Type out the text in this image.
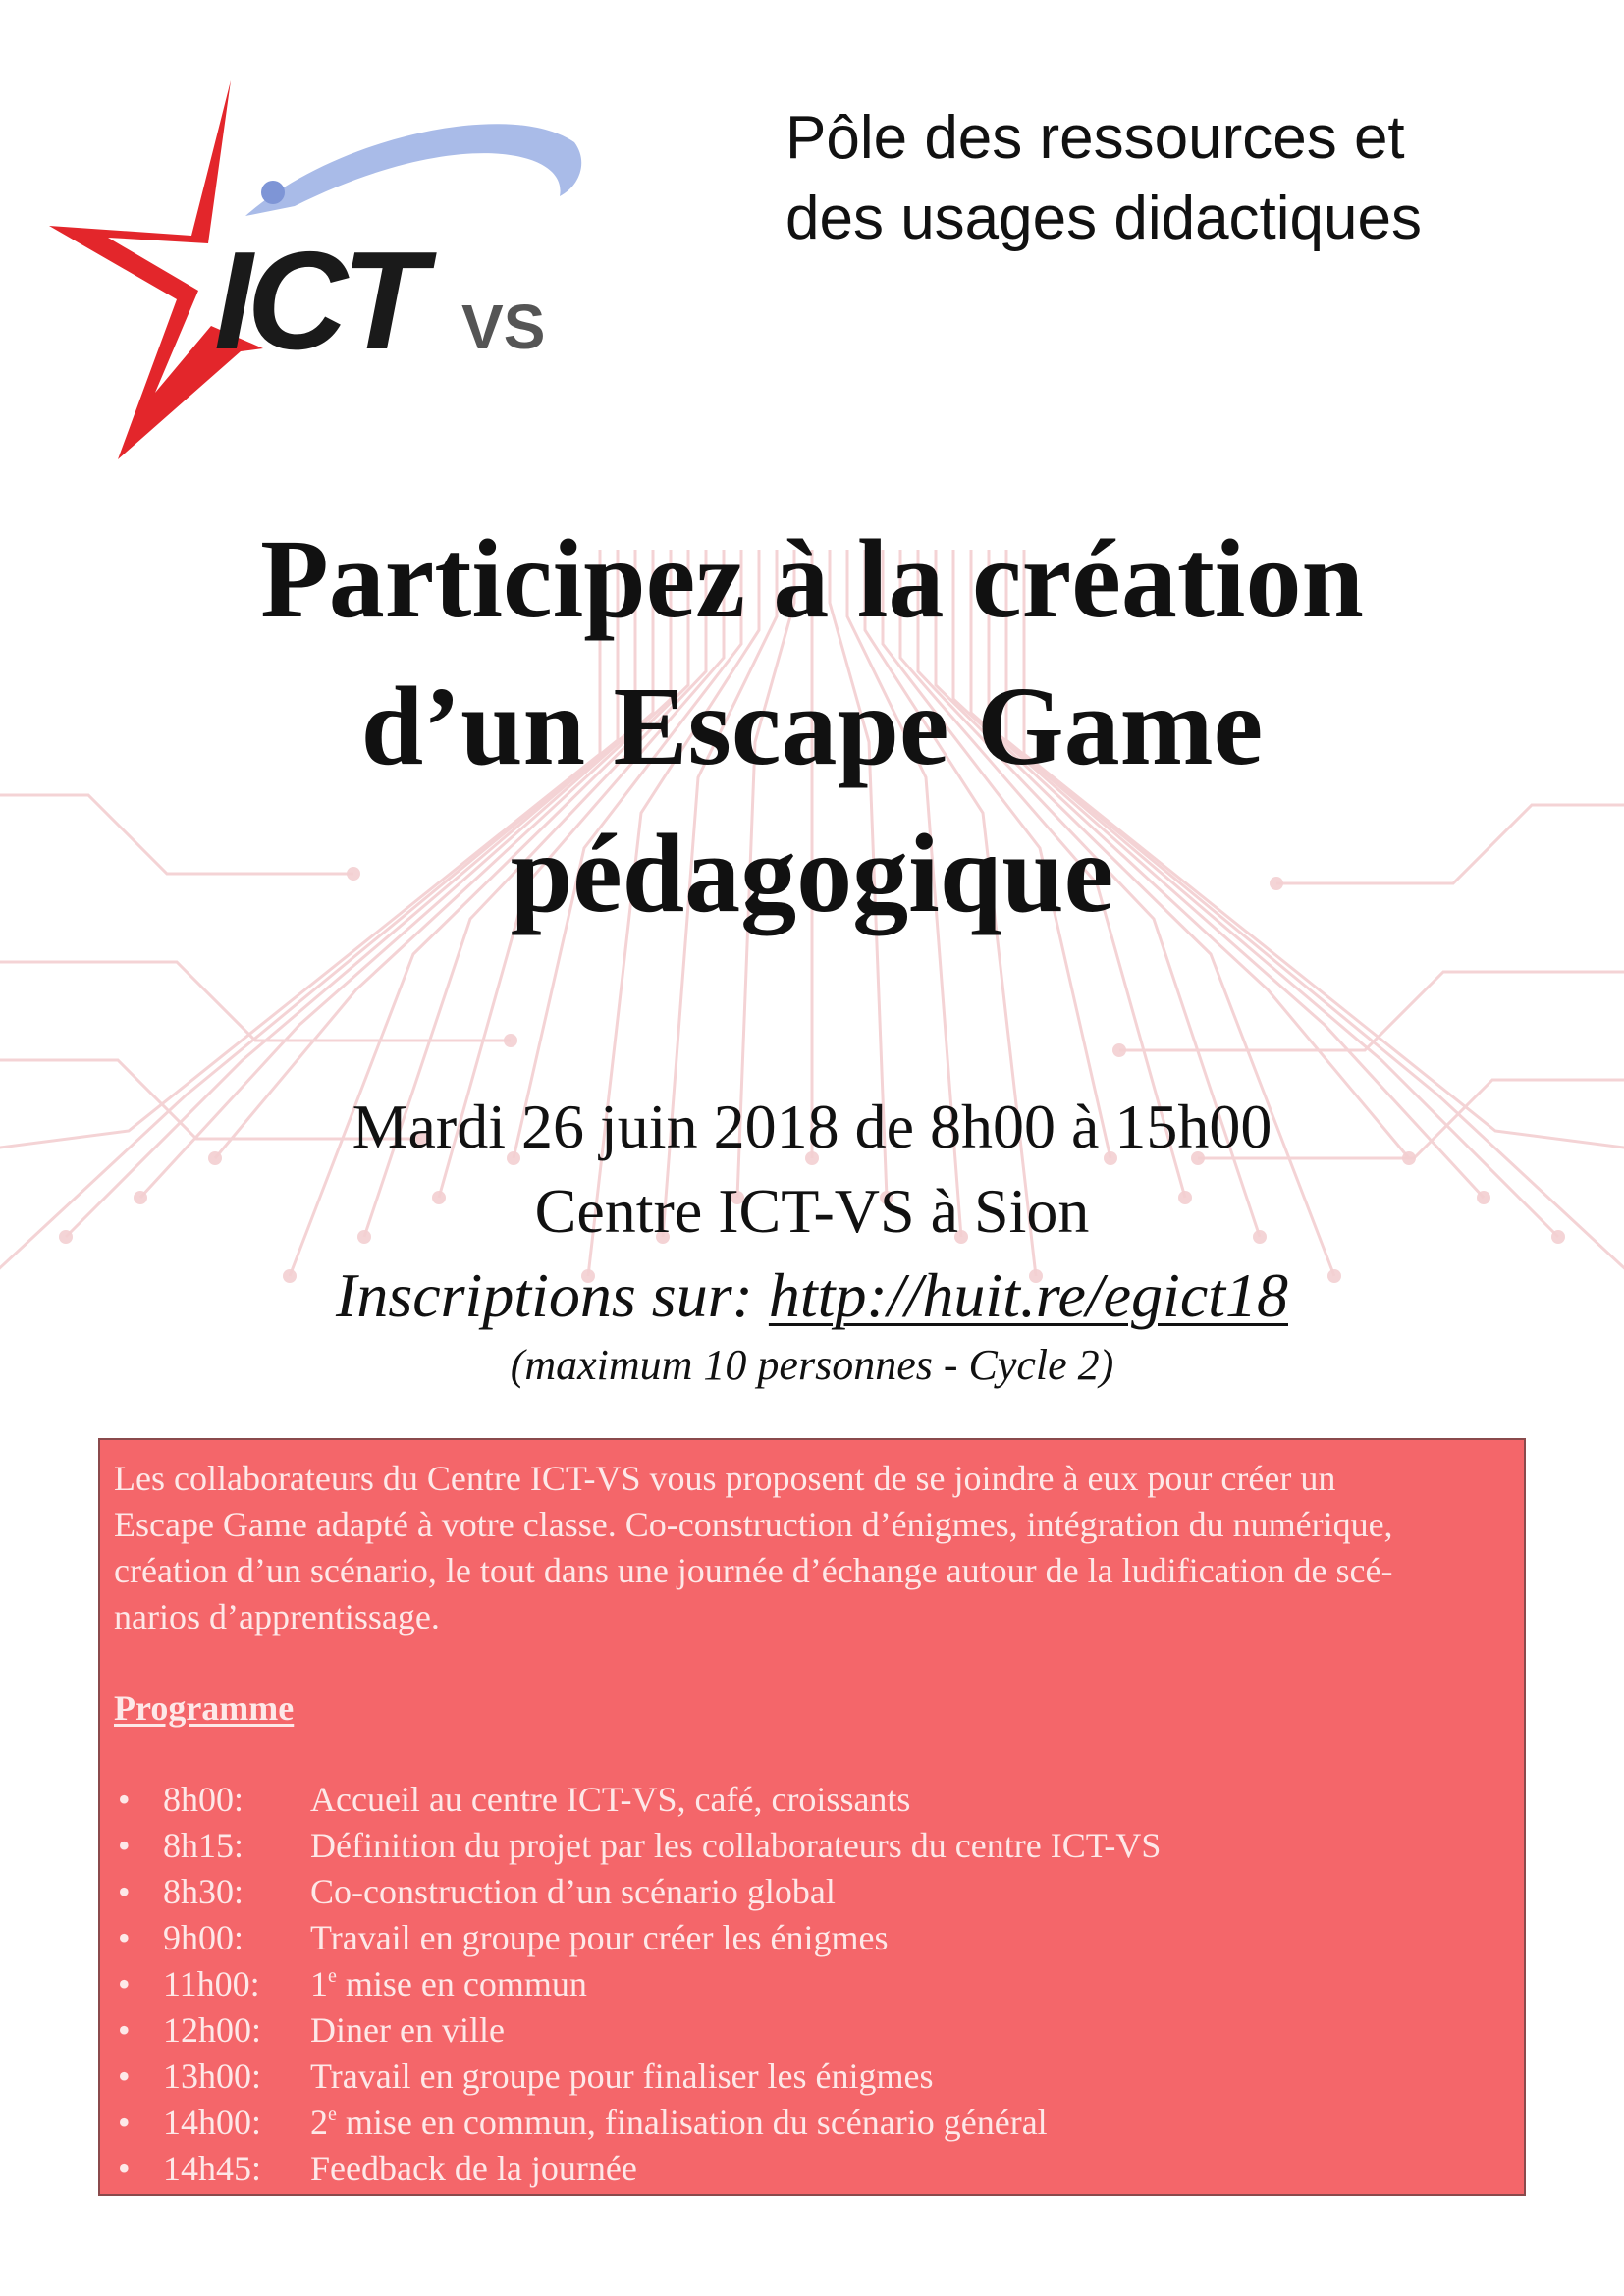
ICT VS
Pôle des ressources et
des usages didactiques
Participez à la création
d’un Escape Game
pédagogique
Mardi 26 juin 2018 de 8h00 à 15h00
Centre ICT-VS à Sion
Inscriptions sur: http://huit.re/egict18
(maximum 10 personnes - Cycle 2)
Les collaborateurs du Centre ICT-VS vous proposent de se joindre à eux pour créer un
Escape Game adapté à votre classe. Co-construction d’énigmes, intégration du numérique,
création d’un scénario, le tout dans une journée d’échange autour de la ludification de scé-
narios d’apprentissage.
Programme
• 8h00: Accueil au centre ICT-VS, café, croissants
• 8h15: Définition du projet par les collaborateurs du centre ICT-VS
• 8h30: Co-construction d’un scénario global
• 9h00: Travail en groupe pour créer les énigmes
• 11h00: 1e mise en commun
• 12h00: Diner en ville
• 13h00: Travail en groupe pour finaliser les énigmes
• 14h00: 2e mise en commun, finalisation du scénario général
• 14h45: Feedback de la journée
